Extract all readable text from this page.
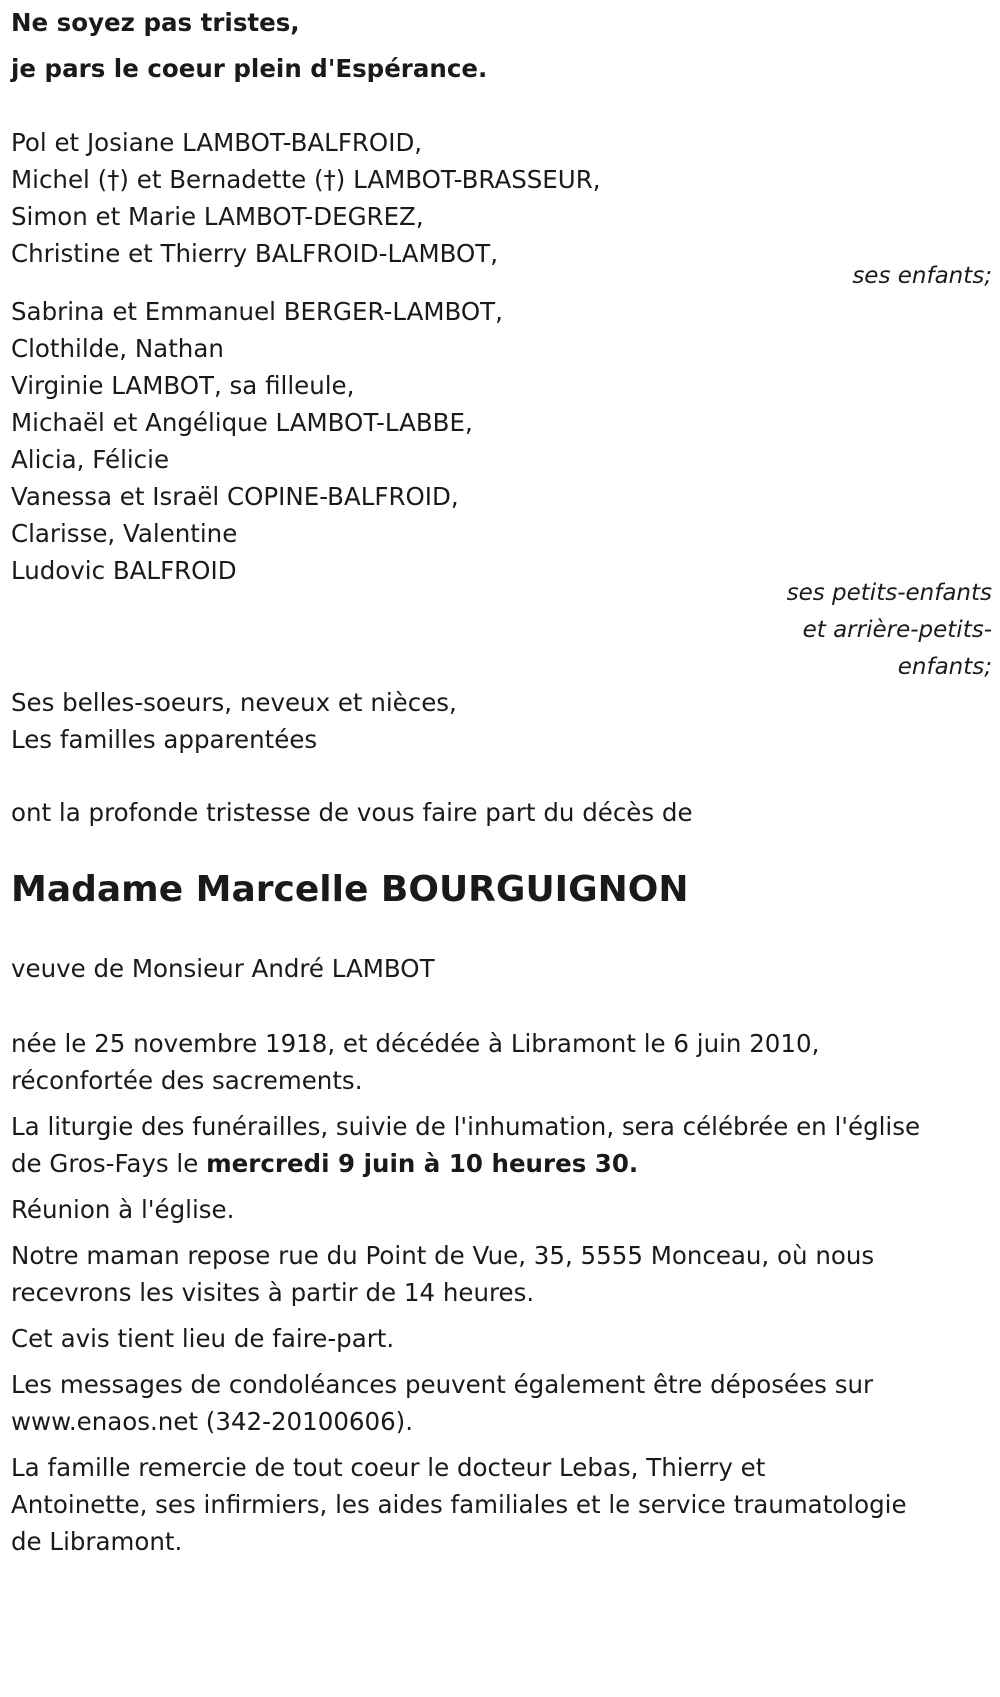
Ne soyez pas tristes,
je pars le coeur plein d'Espérance.
Pol et Josiane LAMBOT-BALFROID,
Michel (†) et Bernadette (†) LAMBOT-BRASSEUR,
Simon et Marie LAMBOT-DEGREZ,
Christine et Thierry BALFROID-LAMBOT,
ses enfants;
Sabrina et Emmanuel BERGER-LAMBOT,
Clothilde, Nathan
Virginie LAMBOT, sa filleule,
Michaël et Angélique LAMBOT-LABBE,
Alicia, Félicie
Vanessa et Israël COPINE-BALFROID,
Clarisse, Valentine
Ludovic BALFROID
ses petits-enfants
et arrière-petits-
enfants;
Ses belles-soeurs, neveux et nièces,
Les familles apparentées
ont la profonde tristesse de vous faire part du décès de
Madame Marcelle BOURGUIGNON
veuve de Monsieur André LAMBOT
née le 25 novembre 1918, et décédée à Libramont le 6 juin 2010,
réconfortée des sacrements.
La liturgie des funérailles, suivie de l'inhumation, sera célébrée en l'église
de Gros-Fays le mercredi 9 juin à 10 heures 30.
Réunion à l'église.
Notre maman repose rue du Point de Vue, 35, 5555 Monceau, où nous
recevrons les visites à partir de 14 heures.
Cet avis tient lieu de faire-part.
Les messages de condoléances peuvent également être déposées sur
www.enaos.net (342-20100606).
La famille remercie de tout coeur le docteur Lebas, Thierry et
Antoinette, ses infirmiers, les aides familiales et le service traumatologie
de Libramont.
